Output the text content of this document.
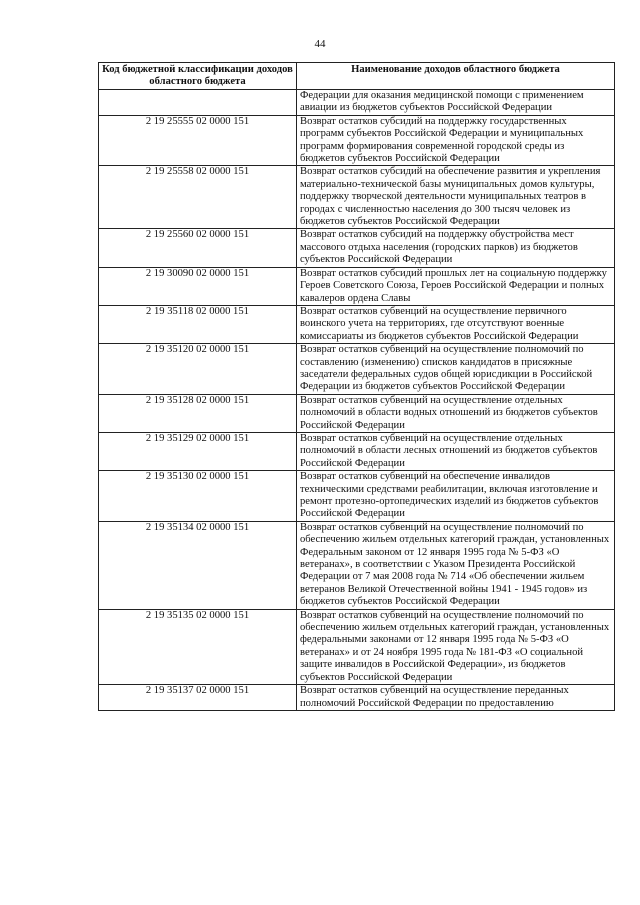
44
Код бюджетной классификации доходов областного бюджета	Наименование доходов областного бюджета
	Федерации для оказания медицинской помощи с применением авиации из бюджетов субъектов Российской Федерации
2 19 25555 02 0000 151	Возврат остатков субсидий на поддержку государственных программ субъектов Российской Федерации и муниципальных программ формирования современной городской среды из бюджетов субъектов Российской Федерации
2 19 25558 02 0000 151	Возврат остатков субсидий на обеспечение развития и укрепления материально-технической базы муниципальных домов культуры, поддержку творческой деятельности муниципальных театров в городах с численностью населения до 300 тысяч человек из бюджетов субъектов Российской Федерации
2 19 25560 02 0000 151	Возврат остатков субсидий на поддержку обустройства мест массового отдыха населения (городских парков) из бюджетов субъектов Российской Федерации
2 19 30090 02 0000 151	Возврат остатков субсидий прошлых лет на социальную поддержку Героев Советского Союза, Героев Российской Федерации и полных кавалеров ордена Славы
2 19 35118 02 0000 151	Возврат остатков субвенций на осуществление первичного воинского учета на территориях, где отсутствуют военные комиссариаты из бюджетов субъектов Российской Федерации
2 19 35120 02 0000 151	Возврат остатков субвенций на осуществление полномочий по составлению (изменению) списков кандидатов в присяжные заседатели федеральных судов общей юрисдикции в Российской Федерации из бюджетов субъектов Российской Федерации
2 19 35128 02 0000 151	Возврат остатков субвенций на осуществление отдельных полномочий в области водных отношений из бюджетов субъектов Российской Федерации
2 19 35129 02 0000 151	Возврат остатков субвенций на осуществление отдельных полномочий в области лесных отношений из бюджетов субъектов Российской Федерации
2 19 35130 02 0000 151	Возврат остатков субвенций на обеспечение инвалидов техническими средствами реабилитации, включая изготовление и ремонт протезно-ортопедических изделий из бюджетов субъектов Российской Федерации
2 19 35134 02 0000 151	Возврат остатков субвенций на осуществление полномочий по обеспечению жильем отдельных категорий граждан, установленных Федеральным законом от 12 января 1995 года № 5-ФЗ «О ветеранах», в соответствии с Указом Президента Российской Федерации от 7 мая 2008 года № 714 «Об обеспечении жильем ветеранов Великой Отечественной войны 1941 - 1945 годов» из бюджетов субъектов Российской Федерации
2 19 35135 02 0000 151	Возврат остатков субвенций на осуществление полномочий по обеспечению жильем отдельных категорий граждан, установленных федеральными законами от 12 января 1995 года № 5-ФЗ «О ветеранах» и от 24 ноября 1995 года № 181-ФЗ «О социальной защите инвалидов в Российской Федерации», из бюджетов субъектов Российской Федерации
2 19 35137 02 0000 151	Возврат остатков субвенций на осуществление переданных полномочий Российской Федерации по предоставлению
